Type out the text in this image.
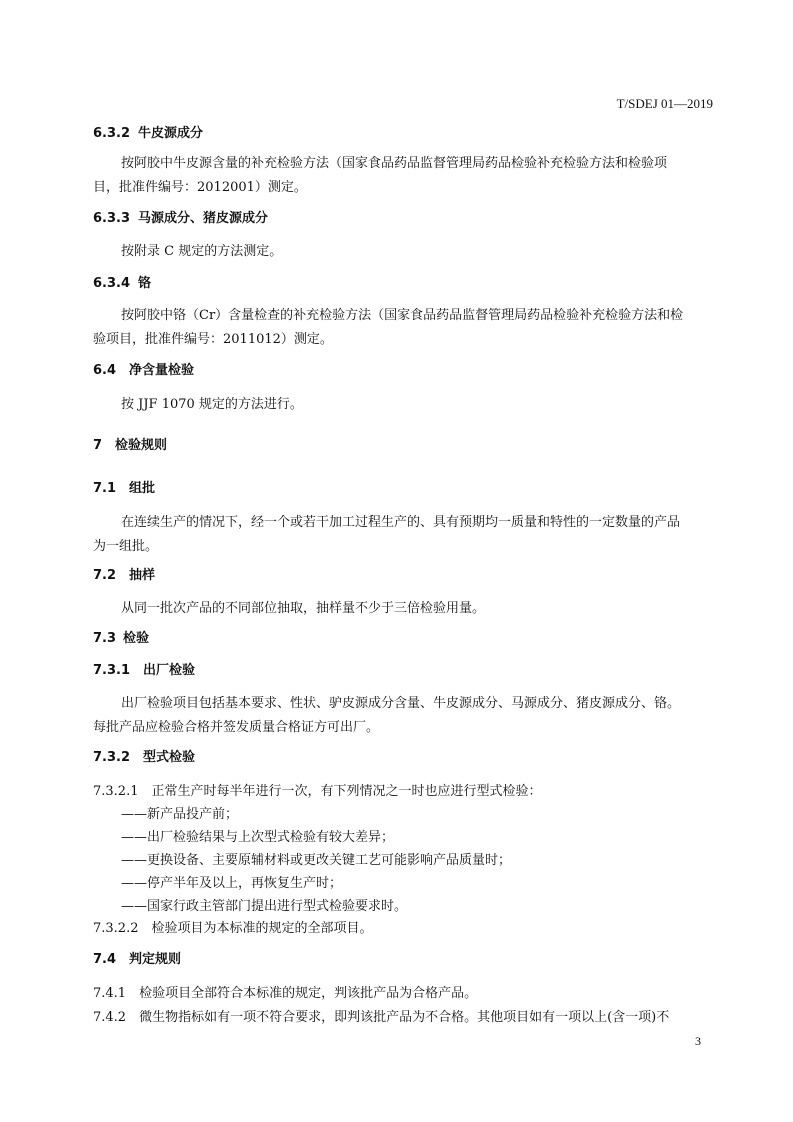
T/SDEJ 01—2019
6.3.2 牛皮源成分
按阿胶中牛皮源含量的补充检验方法（国家食品药品监督管理局药品检验补充检验方法和检验项
目，批准件编号：2012001）测定。
6.3.3 马源成分、猪皮源成分
按附录 C 规定的方法测定。
6.3.4 铬
按阿胶中铬（Cr）含量检查的补充检验方法（国家食品药品监督管理局药品检验补充检验方法和检
验项目，批准件编号：2011012）测定。
6.4 净含量检验
按 JJF 1070 规定的方法进行。
7 检验规则
7.1 组批
在连续生产的情况下，经一个或若干加工过程生产的、具有预期均一质量和特性的一定数量的产品
为一组批。
7.2 抽样
从同一批次产品的不同部位抽取，抽样量不少于三倍检验用量。
7.3 检验
7.3.1 出厂检验
出厂检验项目包括基本要求、性状、驴皮源成分含量、牛皮源成分、马源成分、猪皮源成分、铬。
每批产品应检验合格并签发质量合格证方可出厂。
7.3.2 型式检验
7.3.2.1　正常生产时每半年进行一次，有下列情况之一时也应进行型式检验：
——新产品投产前；
——出厂检验结果与上次型式检验有较大差异；
——更换设备、主要原辅材料或更改关键工艺可能影响产品质量时；
——停产半年及以上，再恢复生产时；
——国家行政主管部门提出进行型式检验要求时。
7.3.2.2　检验项目为本标准的规定的全部项目。
7.4 判定规则
7.4.1　检验项目全部符合本标准的规定，判该批产品为合格产品。
7.4.2　微生物指标如有一项不符合要求，即判该批产品为不合格。其他项目如有一项以上(含一项)不
3
